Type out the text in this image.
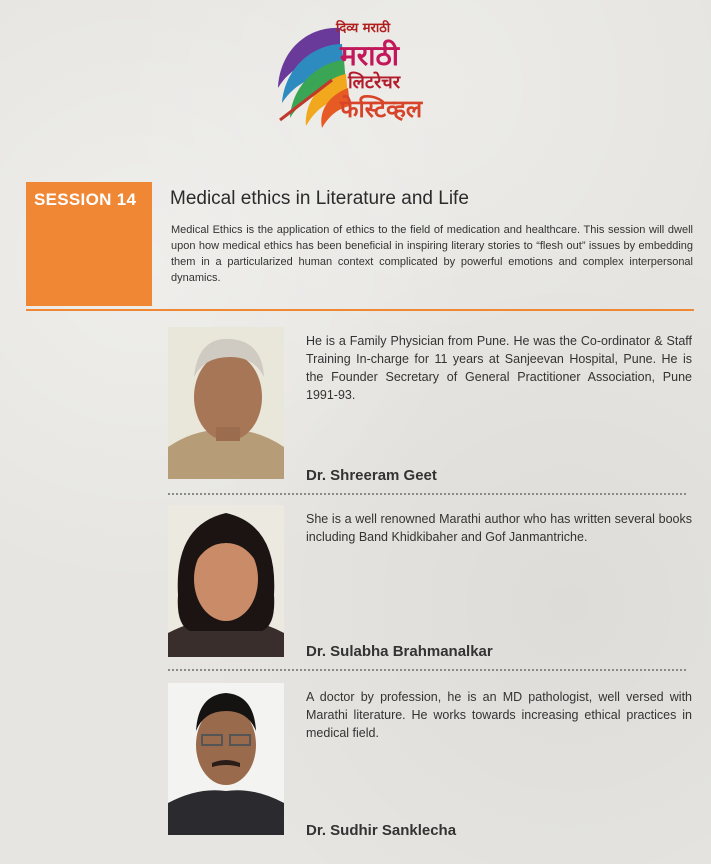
दिव्य मराठी
मराठी
लिटरेचर
फेस्टिव्हल
SESSION 14 Medical ethics in Literature and Life
Medical Ethics is the application of ethics to the field of medication and healthcare. This session will dwell upon how medical ethics has been beneficial in inspiring literary stories to “flesh out” issues by embedding them in a particularized human context complicated by powerful emotions and complex interpersonal dynamics.
He is a Family Physician from Pune. He was the Co-ordinator & Staff Training In-charge for 11 years at Sanjeevan Hospital, Pune. He is the Founder Secretary of General Practitioner Association, Pune 1991-93.
Dr. Shreeram Geet
She is a well renowned Marathi author who has written several books including Band Khidkibaher and Gof Janmantriche.
Dr. Sulabha Brahmanalkar
A doctor by profession, he is an MD pathologist, well versed with Marathi literature. He works towards increasing ethical practices in medical field.
Dr. Sudhir Sanklecha
